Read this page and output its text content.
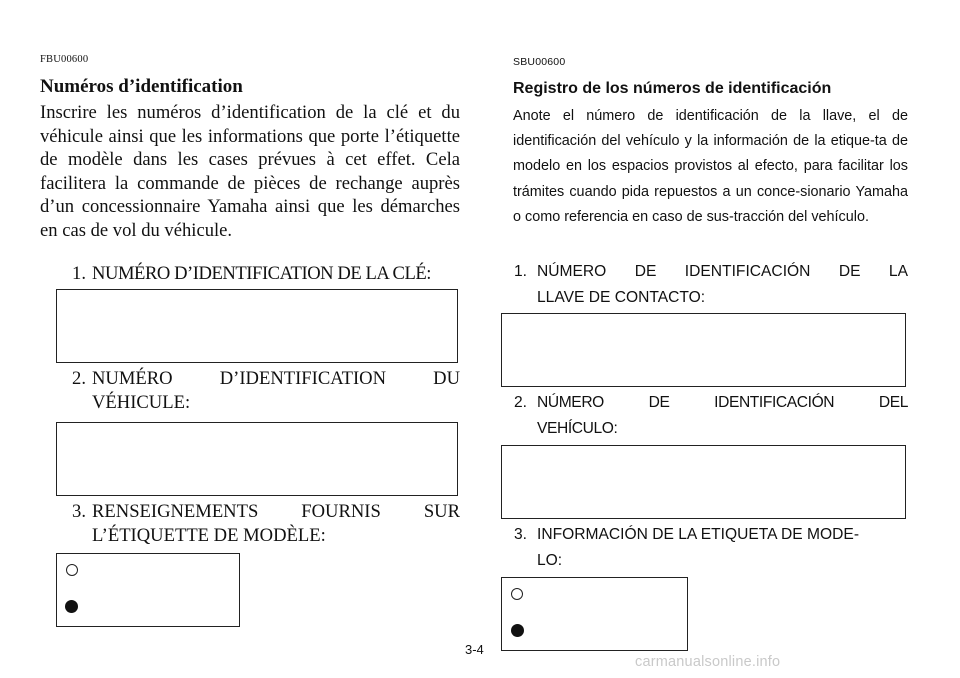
FBU00600
Numéros d’identification
Inscrire les numéros d’identification de la clé et du véhicule ainsi que les informations que porte l’étiquette de modèle dans les cases prévues à cet effet. Cela facilitera la commande de pièces de rechange auprès d’un concessionnaire Yamaha ainsi que les démarches en cas de vol du véhicule.
1. NUMÉRO D’IDENTIFICATION DE LA CLÉ:
2. NUMÉRO D’IDENTIFICATION DU
VÉHICULE:
3. RENSEIGNEMENTS FOURNIS SUR
L’ÉTIQUETTE DE MODÈLE:
SBU00600
Registro de los números de identificación
Anote el número de identificación de la llave, el de identificación del vehículo y la información de la etique-ta de modelo en los espacios provistos al efecto, para facilitar los trámites cuando pida repuestos a un conce-sionario Yamaha o como referencia en caso de sus-tracción del vehículo.
1. NÚMERO DE IDENTIFICACIÓN DE LA
LLAVE DE CONTACTO:
2. NÚMERO DE IDENTIFICACIÓN DEL
VEHÍCULO:
3. INFORMACIÓN DE LA ETIQUETA DE MODE-
LO:
3-4
carmanualsonline.info
